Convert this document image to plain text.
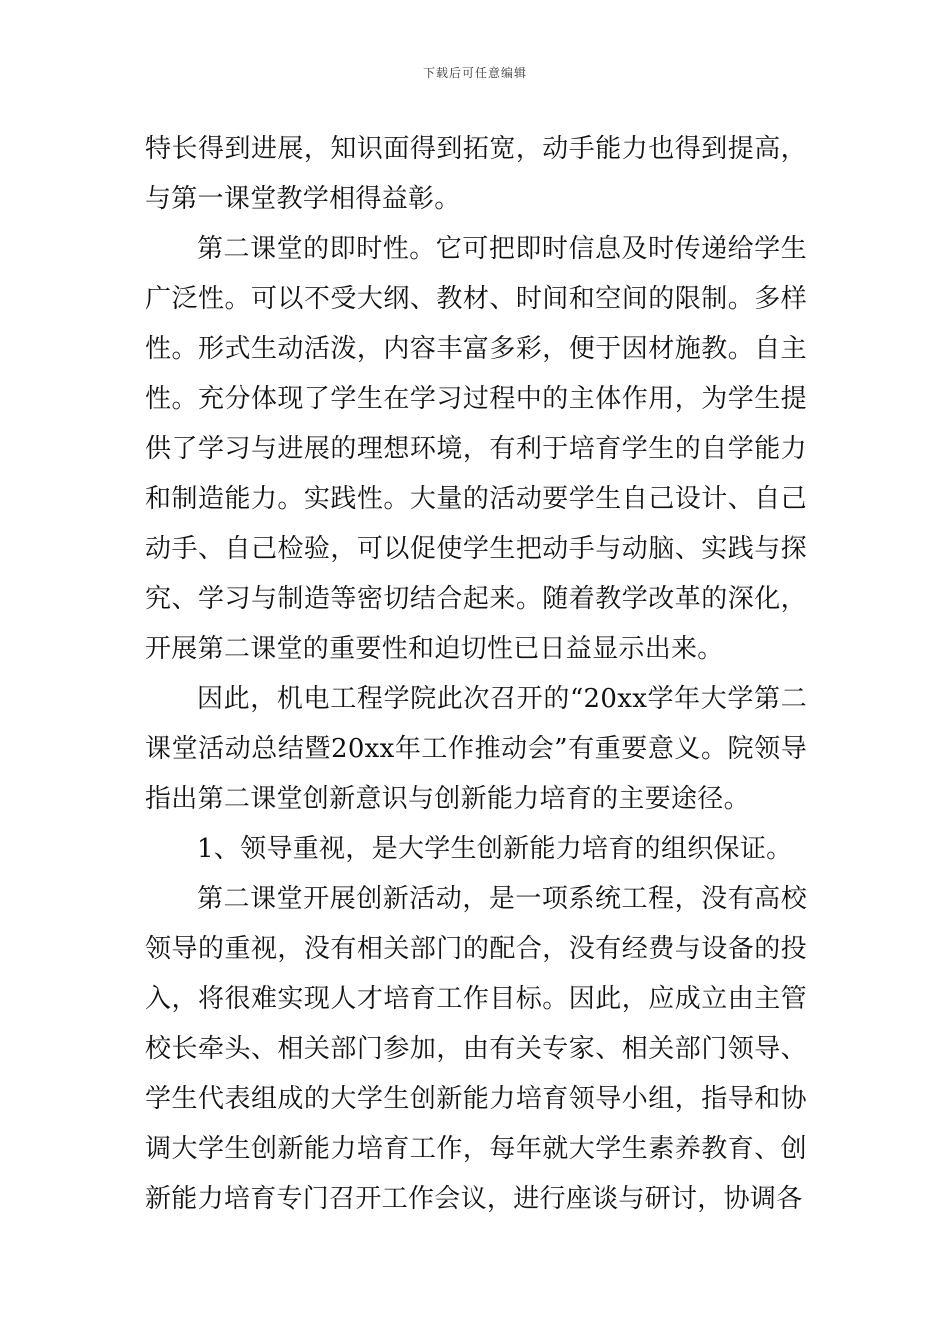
下载后可任意编辑

特长得到进展，知识面得到拓宽，动手能力也得到提高，与第一课堂教学相得益彰。

第二课堂的即时性。它可把即时信息及时传递给学生广泛性。可以不受大纲、教材、时间和空间的限制。多样性。形式生动活泼，内容丰富多彩，便于因材施教。自主性。充分体现了学生在学习过程中的主体作用，为学生提供了学习与进展的理想环境，有利于培育学生的自学能力和制造能力。实践性。大量的活动要学生自己设计、自己动手、自己检验，可以促使学生把动手与动脑、实践与探究、学习与制造等密切结合起来。随着教学改革的深化，开展第二课堂的重要性和迫切性已日益显示出来。

因此，机电工程学院此次召开的“20xx学年大学第二课堂活动总结暨20xx年工作推动会”有重要意义。院领导指出第二课堂创新意识与创新能力培育的主要途径。

1、领导重视，是大学生创新能力培育的组织保证。

第二课堂开展创新活动，是一项系统工程，没有高校领导的重视，没有相关部门的配合，没有经费与设备的投入，将很难实现人才培育工作目标。因此，应成立由主管校长牵头、相关部门参加，由有关专家、相关部门领导、学生代表组成的大学生创新能力培育领导小组，指导和协调大学生创新能力培育工作，每年就大学生素养教育、创新能力培育专门召开工作会议，进行座谈与研讨，协调各
